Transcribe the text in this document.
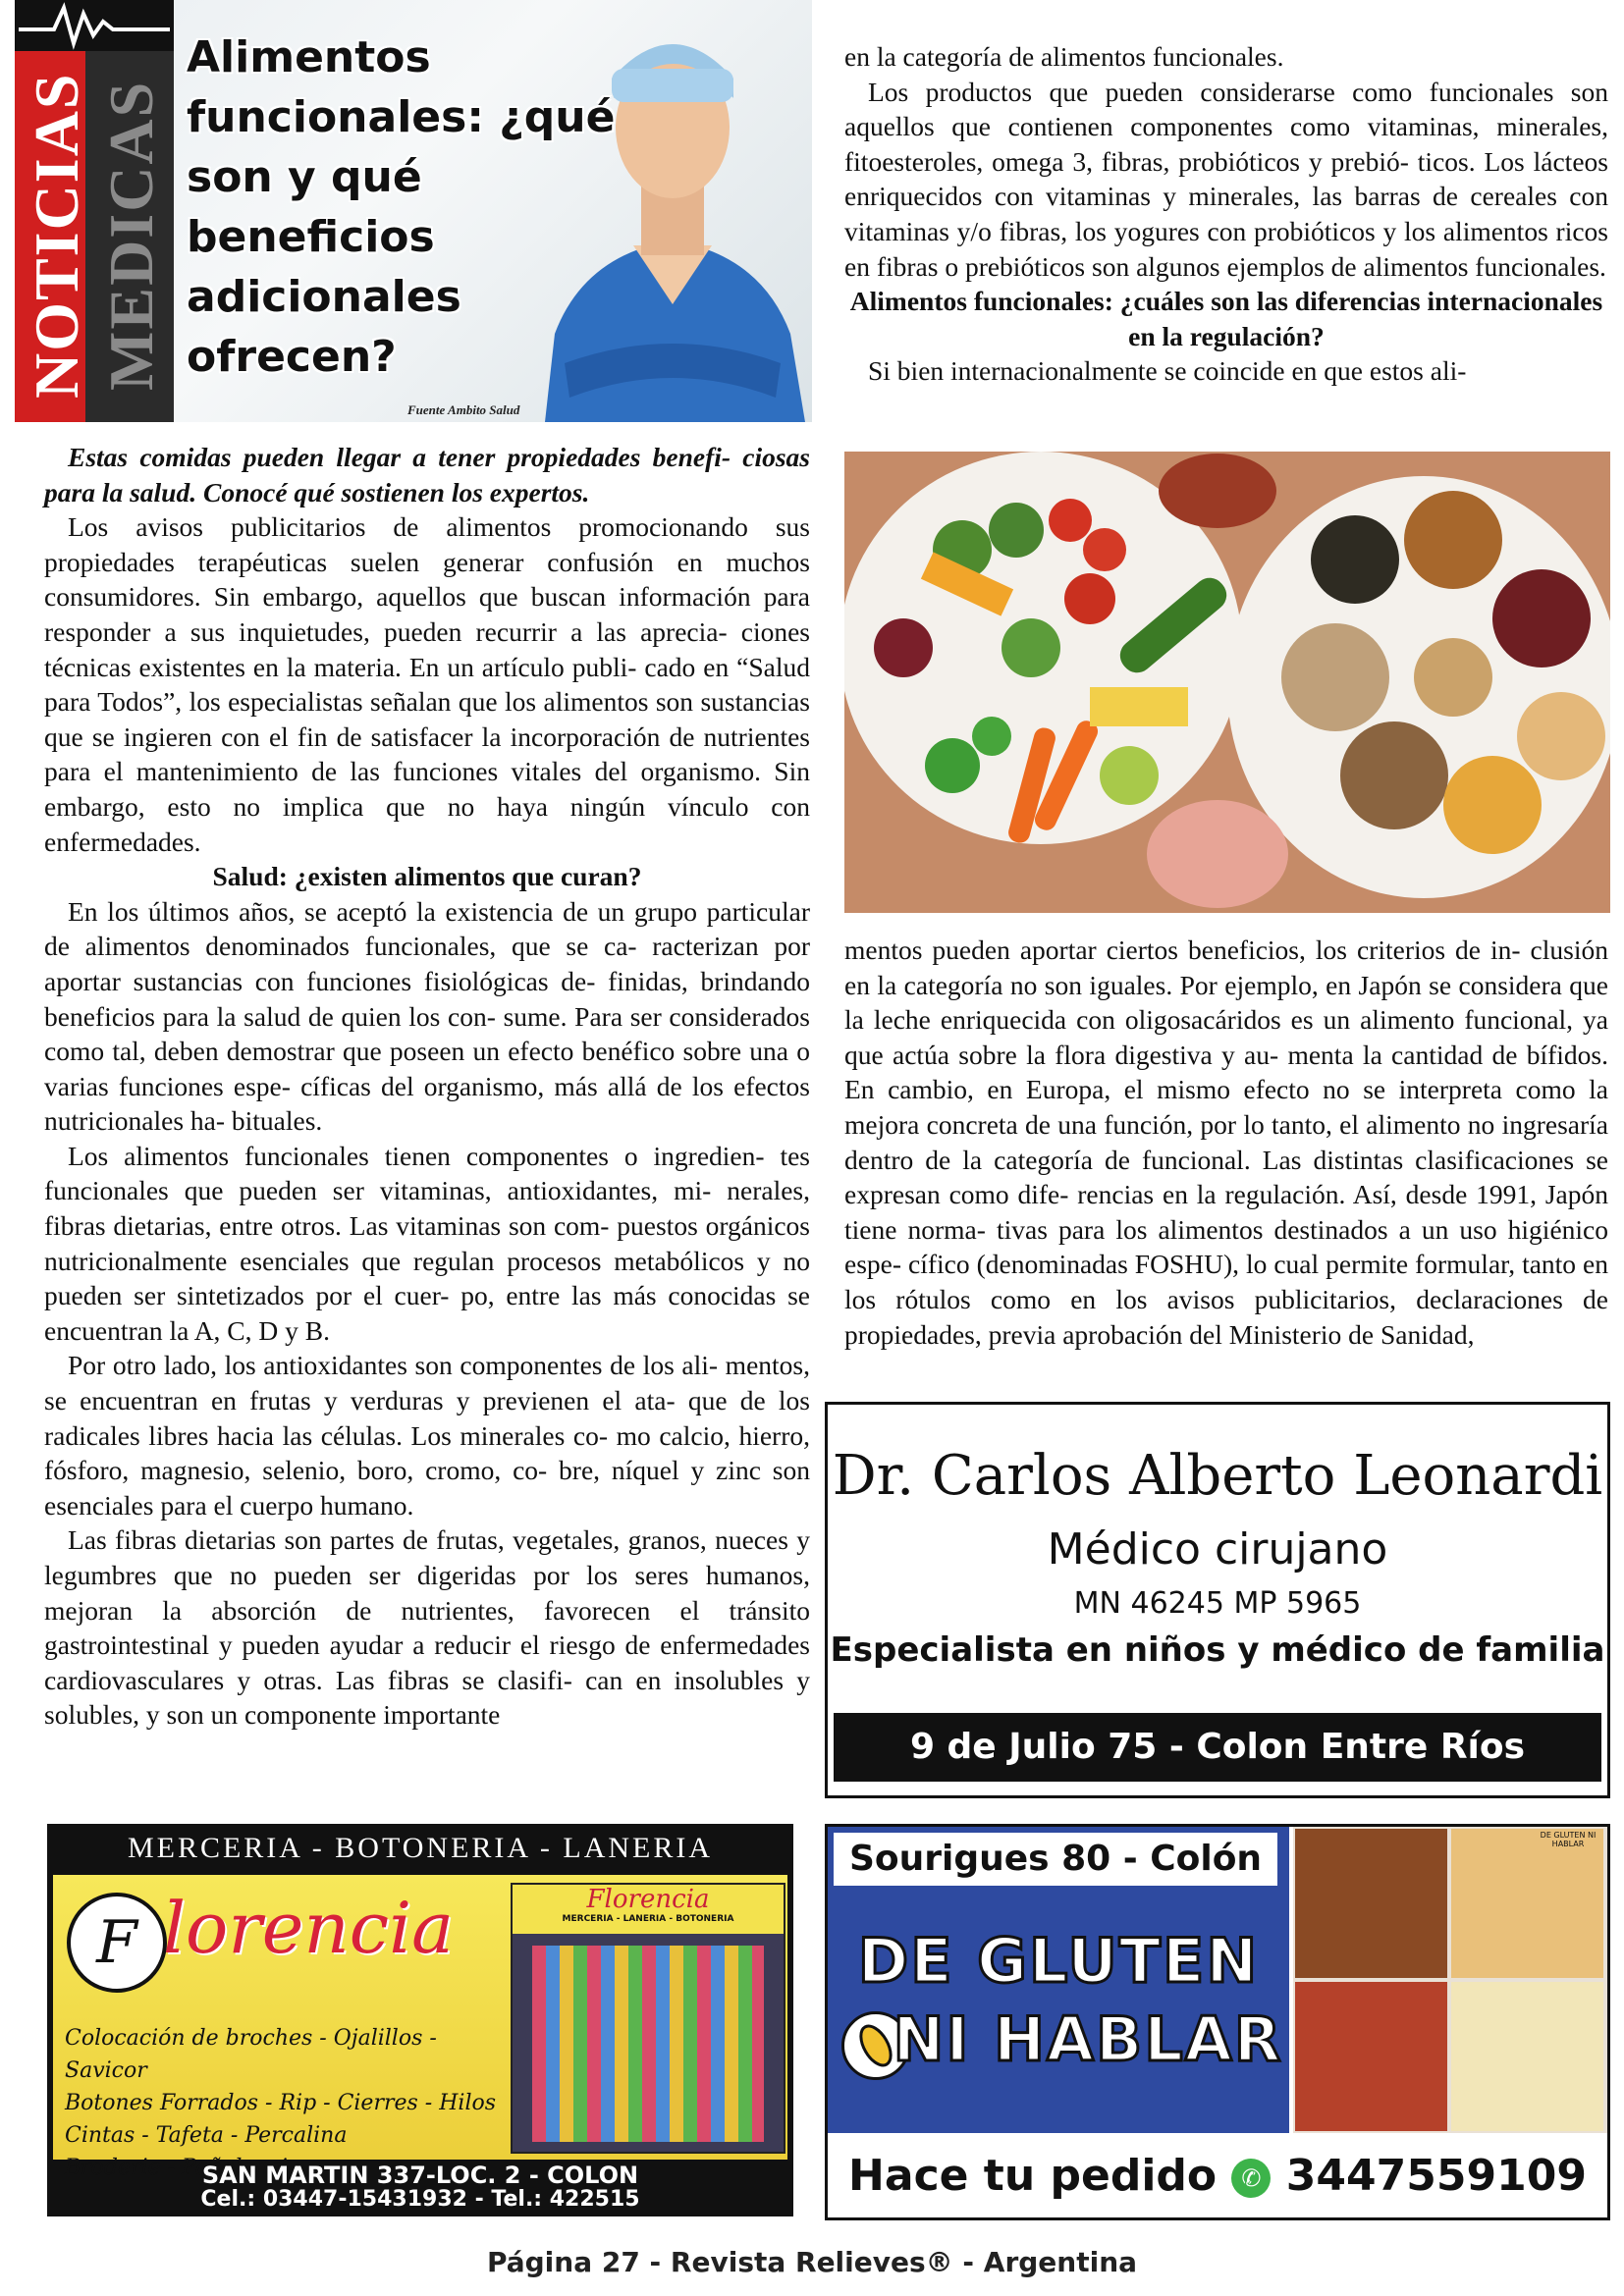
NOTICIAS MEDICAS
Alimentos funcionales: ¿qué son y qué beneficios adicionales ofrecen?
Fuente Ambito Salud

Estas comidas pueden llegar a tener propiedades benefi- ciosas para la salud. Conocé qué sostienen los expertos.

Los avisos publicitarios de alimentos promocionando sus propiedades terapéuticas suelen generar confusión en muchos consumidores. Sin embargo, aquellos que buscan información para responder a sus inquietudes, pueden recurrir a las aprecia- ciones técnicas existentes en la materia. En un artículo publi- cado en “Salud para Todos”, los especialistas señalan que los alimentos son sustancias que se ingieren con el fin de satisfacer la incorporación de nutrientes para el mantenimiento de las funciones vitales del organismo. Sin embargo, esto no implica que no haya ningún vínculo con enfermedades.

Salud: ¿existen alimentos que curan?

En los últimos años, se aceptó la existencia de un grupo particular de alimentos denominados funcionales, que se ca- racterizan por aportar sustancias con funciones fisiológicas de- finidas, brindando beneficios para la salud de quien los con- sume. Para ser considerados como tal, deben demostrar que poseen un efecto benéfico sobre una o varias funciones espe- cíficas del organismo, más allá de los efectos nutricionales ha- bituales.

Los alimentos funcionales tienen componentes o ingredien- tes funcionales que pueden ser vitaminas, antioxidantes, mi- nerales, fibras dietarias, entre otros. Las vitaminas son com- puestos orgánicos nutricionalmente esenciales que regulan procesos metabólicos y no pueden ser sintetizados por el cuer- po, entre las más conocidas se encuentran la A, C, D y B.

Por otro lado, los antioxidantes son componentes de los ali- mentos, se encuentran en frutas y verduras y previenen el ata- que de los radicales libres hacia las células. Los minerales co- mo calcio, hierro, fósforo, magnesio, selenio, boro, cromo, co- bre, níquel y zinc son esenciales para el cuerpo humano.

Las fibras dietarias son partes de frutas, vegetales, granos, nueces y legumbres que no pueden ser digeridas por los seres humanos, mejoran la absorción de nutrientes, favorecen el tránsito gastrointestinal y pueden ayudar a reducir el riesgo de enfermedades cardiovasculares y otras. Las fibras se clasifi- can en insolubles y solubles, y son un componente importante

en la categoría de alimentos funcionales.

Los productos que pueden considerarse como funcionales son aquellos que contienen componentes como vitaminas, minerales, fitoesteroles, omega 3, fibras, probióticos y prebió- ticos. Los lácteos enriquecidos con vitaminas y minerales, las barras de cereales con vitaminas y/o fibras, los yogures con probióticos y los alimentos ricos en fibras o prebióticos son algunos ejemplos de alimentos funcionales.

Alimentos funcionales: ¿cuáles son las diferencias internacionales en la regulación?

Si bien internacionalmente se coincide en que estos ali-

mentos pueden aportar ciertos beneficios, los criterios de in- clusión en la categoría no son iguales. Por ejemplo, en Japón se considera que la leche enriquecida con oligosacáridos es un alimento funcional, ya que actúa sobre la flora digestiva y au- menta la cantidad de bífidos. En cambio, en Europa, el mismo efecto no se interpreta como la mejora concreta de una función, por lo tanto, el alimento no ingresaría dentro de la categoría de funcional. Las distintas clasificaciones se expresan como dife- rencias en la regulación. Así, desde 1991, Japón tiene norma- tivas para los alimentos destinados a un uso higiénico espe- cífico (denominadas FOSHU), lo cual permite formular, tanto en los rótulos como en los avisos publicitarios, declaraciones de propiedades, previa aprobación del Ministerio de Sanidad,

Dr. Carlos Alberto Leonardi
Médico cirujano
MN 46245 MP 5965
Especialista en niños y médico de familia
9 de Julio 75 - Colon Entre Ríos
MERCERIA - BOTONERIA - LANERIA
F lorencia	Florencia
MERCERIA - LANERIA - BOTONERIA
Colocación de broches - Ojalillos - Savicor
Botones Forrados - Rip - Cierres - Hilos
Cintas - Tafeta - Percalina
Broderie - Pañolenci
SAN MARTIN 337-LOC. 2 - COLON
Cel.: 03447-15431932 - Tel.: 422515
Sourigues 80 - Colón
DE GLUTEN
NI HABLAR
DE GLUTEN NI HABLAR
Hace tu pedido ✆ 3447559109
Página 27 - Revista Relieves® - Argentina
